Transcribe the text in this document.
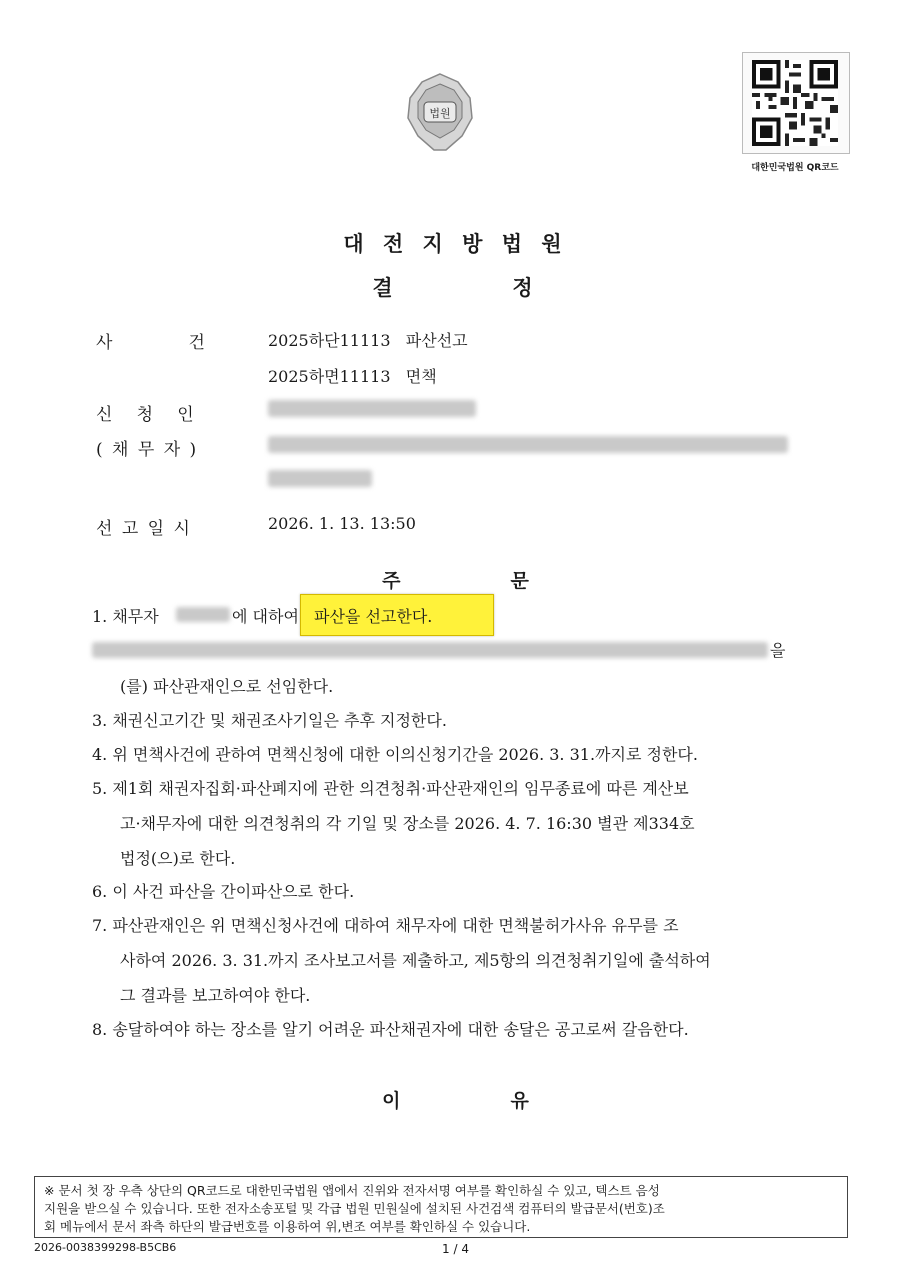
법원
대한민국법원 QR코드
대 전 지 방 법 원
결	정
사          건	2025하단11113   파산선고
2025하면11113   면책
신   청   인
( 채 무 자 )
선 고 일 시	2026. 1. 13. 13:50
주	문
1. 채무자	에 대하여 파산을 선고한다.
을
(를) 파산관재인으로 선임한다.
3. 채권신고기간 및 채권조사기일은 추후 지정한다.
4. 위 면책사건에 관하여 면책신청에 대한 이의신청기간을 2026. 3. 31.까지로 정한다.
5. 제1회 채권자집회·파산폐지에 관한 의견청취·파산관재인의 임무종료에 따른 계산보
고·채무자에 대한 의견청취의 각 기일 및 장소를 2026. 4. 7. 16:30 별관 제334호
법정(으)로 한다.
6. 이 사건 파산을 간이파산으로 한다.
7. 파산관재인은 위 면책신청사건에 대하여 채무자에 대한 면책불허가사유 유무를 조
사하여 2026. 3. 31.까지 조사보고서를 제출하고, 제5항의 의견청취기일에 출석하여
그 결과를 보고하여야 한다.
8. 송달하여야 하는 장소를 알기 어려운 파산채권자에 대한 송달은 공고로써 갈음한다.
이	유
※ 문서 첫 장 우측 상단의 QR코드로 대한민국법원 앱에서 진위와 전자서명 여부를 확인하실 수 있고, 텍스트 음성
지원을 받으실 수 있습니다. 또한 전자소송포털 및 각급 법원 민원실에 설치된 사건검색 컴퓨터의 발급문서(번호)조
회 메뉴에서 문서 좌측 하단의 발급번호를 이용하여 위,변조 여부를 확인하실 수 있습니다.
2026-0038399298-B5CB6	1 / 4
